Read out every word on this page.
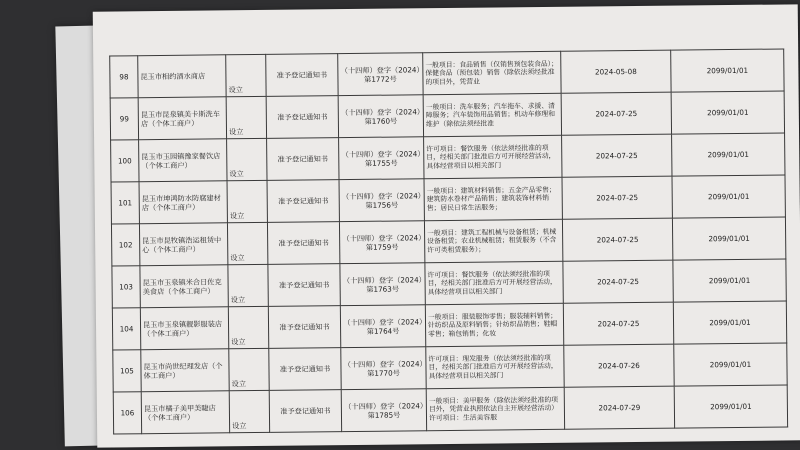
98	昆玉市相约酒水商店	设立	准予登记通知书	（十四师）登字（2024）第1772号	一般项目：食品销售（仅销售预包装食品）；保健食品（预包装）销售（除依法须经批准的项目外，凭营业	2024-05-08	2099/01/01
99	昆玉市昆泉镇美卡斯洗车店（个体工商户）	设立	准予登记通知书	（十四师）登字（2024）第1760号	一般项目：洗车服务；汽车拖车、求援、清障服务；汽车装饰用品销售；机动车修理和维护（除依法须经批准	2024-07-25	2099/01/01
100	昆玉市玉园镇豫家餐饮店（个体工商户）	设立	准予登记通知书	（十四师）登字（2024）第1755号	许可项目：餐饮服务（依法须经批准的项目，经相关部门批准后方可开展经营活动，具体经营项目以相关部门	2024-07-25	2099/01/01
101	昆玉市坤鸿防水防腐建材店（个体工商户）	设立	准予登记通知书	（十四师）登字（2024）第1756号	一般项目：建筑材料销售；五金产品零售；建筑防水卷材产品销售；建筑装饰材料销售；居民日常生活服务；	2024-07-25	2099/01/01
102	昆玉市昆牧镇浩运租赁中心（个体工商户）	设立	准予登记通知书	（十四师）登字（2024）第1759号	一般项目：建筑工程机械与设备租赁；机械设备租赁；农业机械租赁；租赁服务（不含许可类租赁服务）；	2024-07-25	2099/01/01
103	昆玉市玉泉镇米合日佐克美食店（个体工商户）	设立	准予登记通知书	（十四师）登字（2024）第1763号	许可项目：餐饮服务（依法须经批准的项目，经相关部门批准后方可开展经营活动，具体经营项目以相关部门	2024-07-25	2099/01/01
104	昆玉市玉泉镇靓影服装店（个体工商户）	设立	准予登记通知书	（十四师）登字（2024）第1764号	一般项目：服装服饰零售；服装辅料销售；针纺织品及原料销售；针纺织品销售；鞋帽零售；箱包销售；化妆	2024-07-25	2099/01/01
105	昆玉市尚世纪理发店（个体工商户）	设立	准予登记通知书	（十四师）登字（2024）第1770号	许可项目：理发服务（依法须经批准的项目，经相关部门批准后方可开展经营活动，具体经营项目以相关部门	2024-07-26	2099/01/01
106	昆玉市橘子美甲美睫店（个体工商户）	设立	准予登记通知书	（十四师）登字（2024）第1785号	一般项目：美甲服务（除依法须经批准的项目外，凭营业执照依法自主开展经营活动）许可项目：生活美容服	2024-07-29	2099/01/01
